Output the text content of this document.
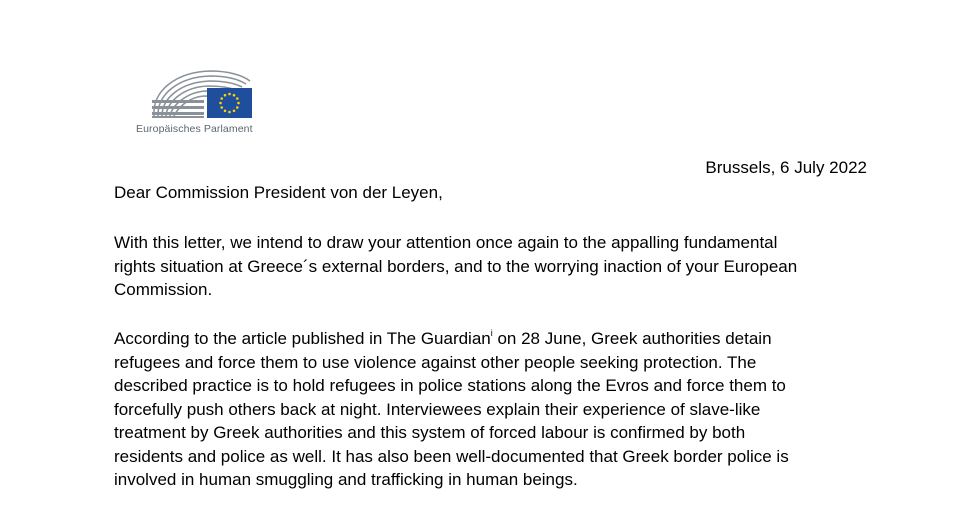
Europäisches Parlament
Brussels, 6 July 2022
Dear Commission President von der Leyen,

With this letter, we intend to draw your attention once again to the appalling fundamental
rights situation at Greece´s external borders, and to the worrying inaction of your European
Commission.

According to the article published in The Guardian$^i$ on 28 June, Greek authorities detain
refugees and force them to use violence against other people seeking protection. The
described practice is to hold refugees in police stations along the Evros and force them to
forcefully push others back at night. Interviewees explain their experience of slave-like
treatment by Greek authorities and this system of forced labour is confirmed by both
residents and police as well. It has also been well-documented that Greek border police is
involved in human smuggling and trafficking in human beings.
